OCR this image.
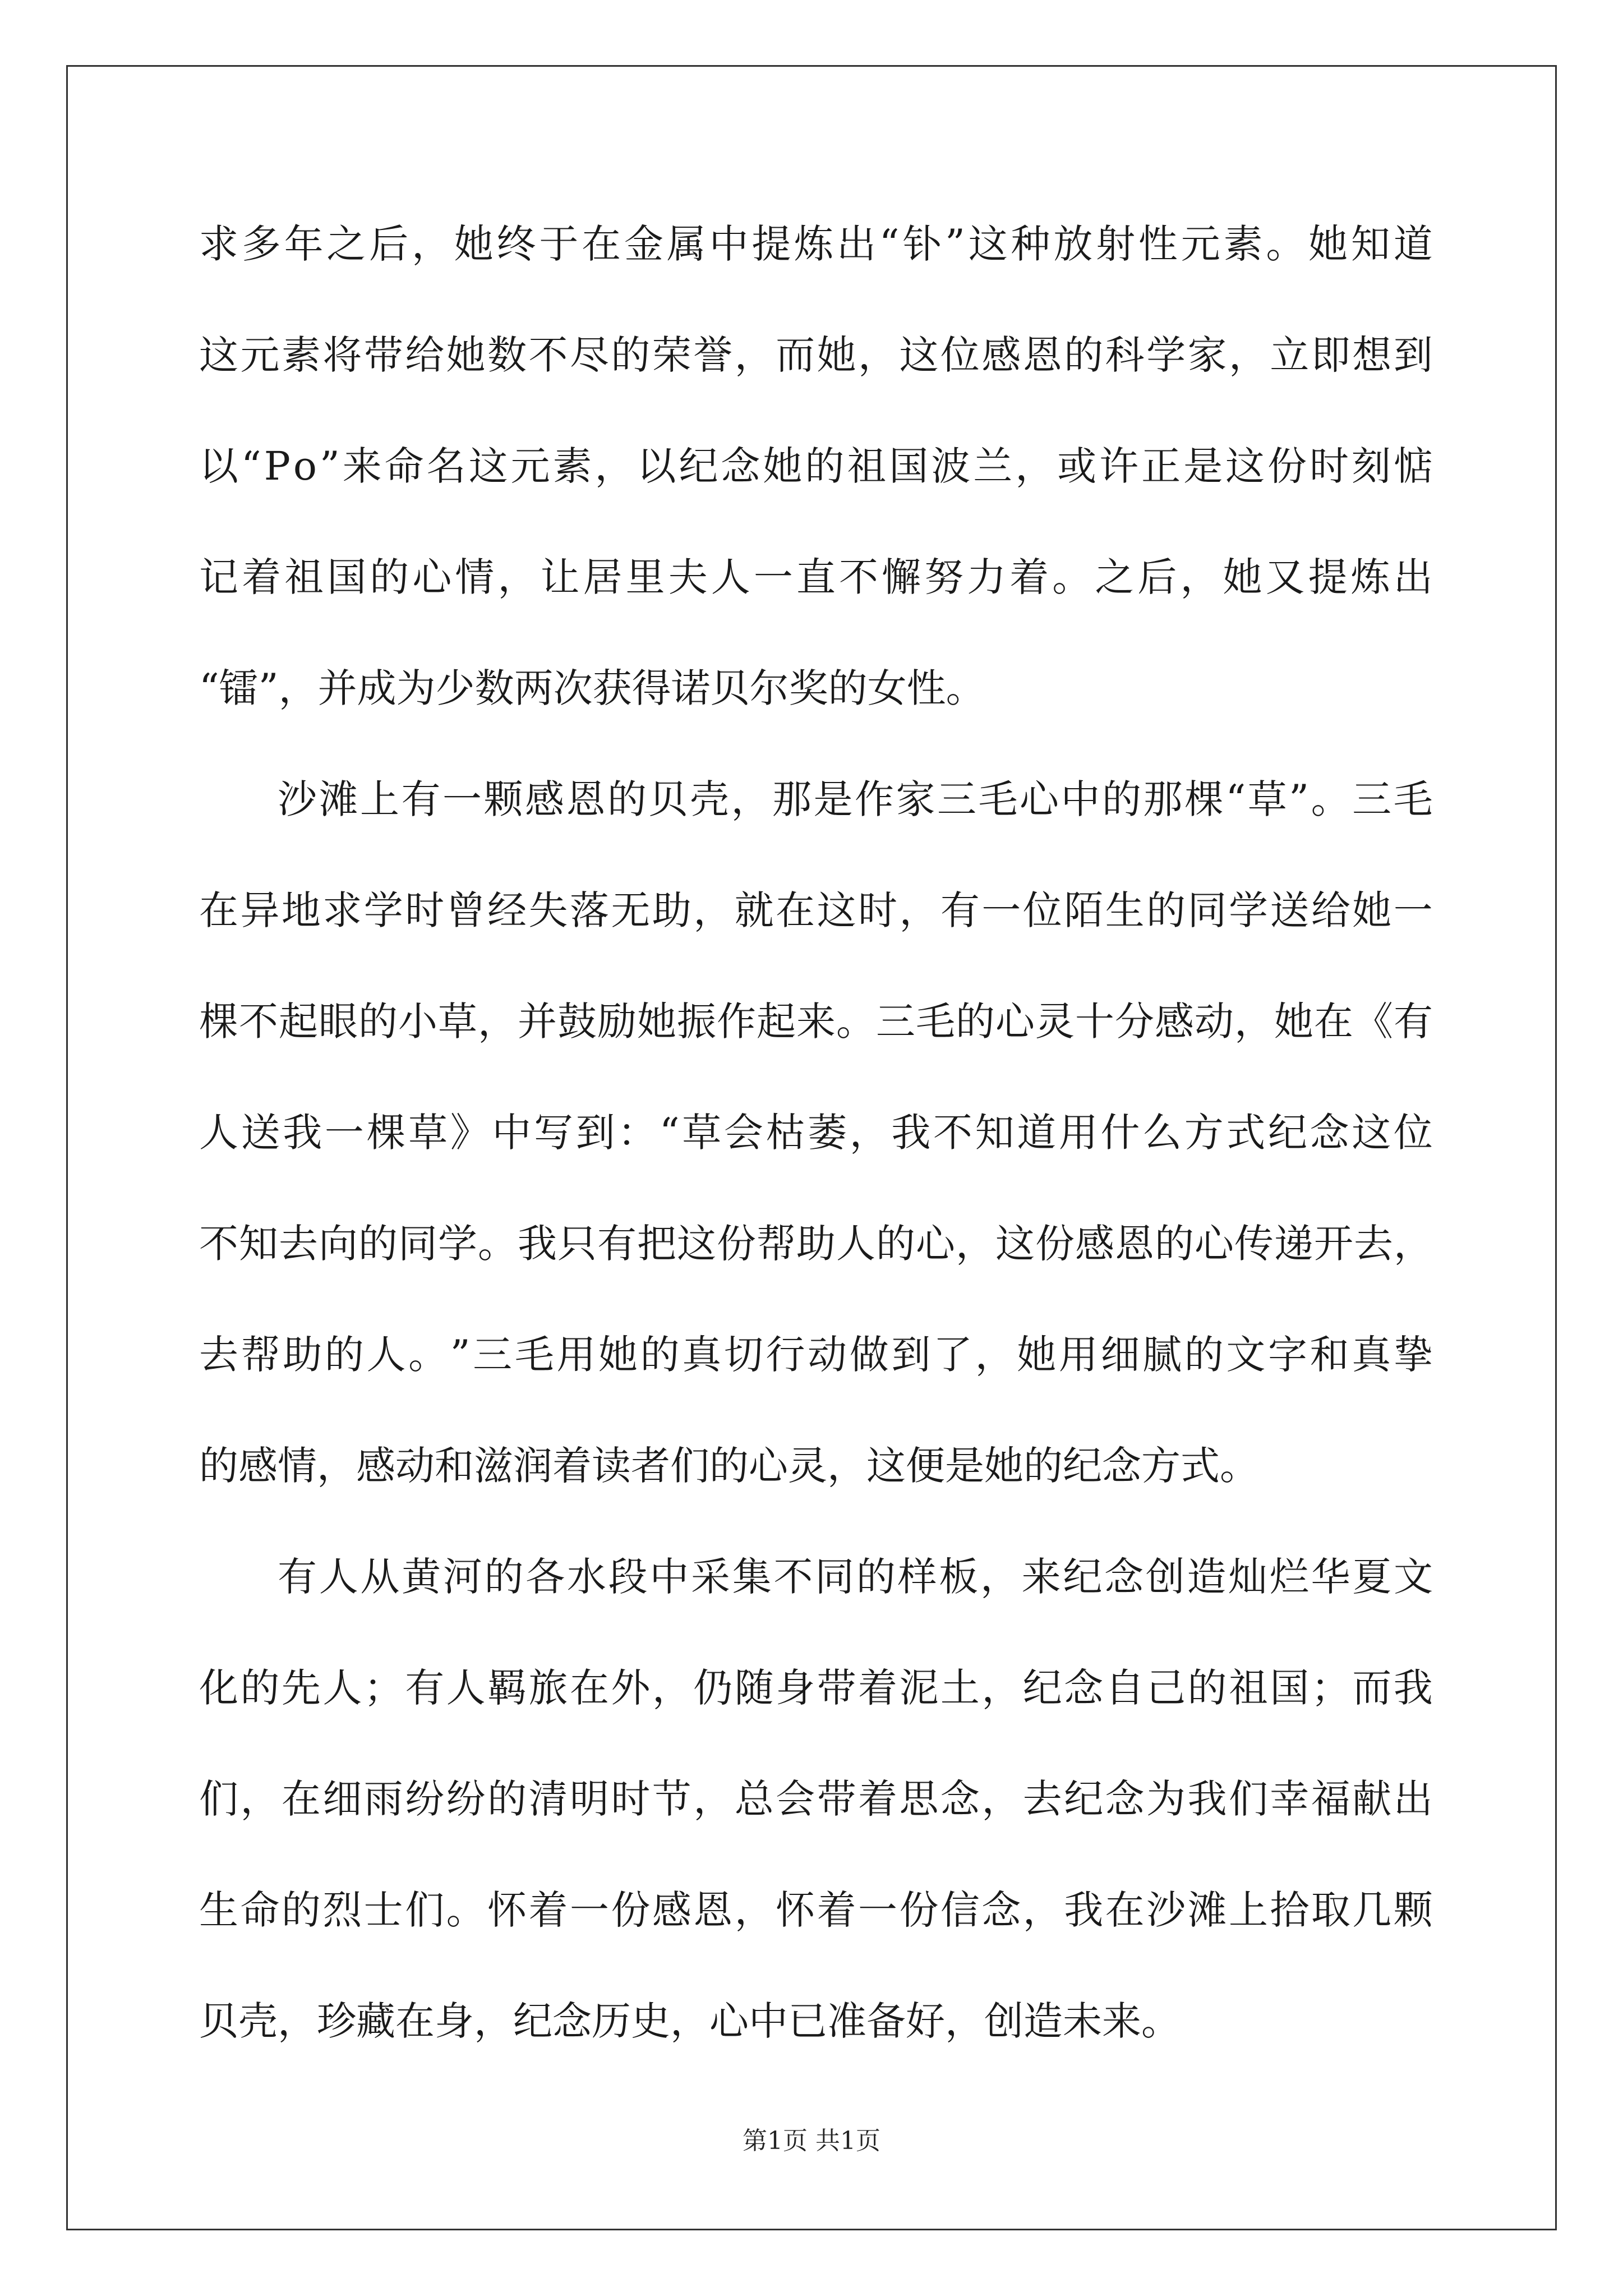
求 多 年 之 后 ， 她 终 于 在 金 属 中 提 炼 出 “ 钋 ” 这 种 放 射 性 元 素 。 她 知 道
这 元 素 将 带 给 她 数 不 尽 的 荣 誉 ， 而 她 ， 这 位 感 恩 的 科 学 家 ， 立 即 想 到
以 “ P o ” 来 命 名 这 元 素 ， 以 纪 念 她 的 祖 国 波 兰 ， 或 许 正 是 这 份 时 刻 惦
记 着 祖 国 的 心 情 ， 让 居 里 夫 人 一 直 不 懈 努 力 着 。 之 后 ， 她 又 提 炼 出
“镭”，并成为少数两次获得诺贝尔奖的女性。
沙 滩 上 有 一 颗 感 恩 的 贝 壳 ， 那 是 作 家 三 毛 心 中 的 那 棵 “ 草 ” 。 三 毛
在 异 地 求 学 时 曾 经 失 落 无 助 ， 就 在 这 时 ， 有 一 位 陌 生 的 同 学 送 给 她 一
棵 不 起 眼 的 小 草 ， 并 鼓 励 她 振 作 起 来 。 三 毛 的 心 灵 十 分 感 动 ， 她 在 《 有
人 送 我 一 棵 草 》 中 写 到 ： “ 草 会 枯 萎 ， 我 不 知 道 用 什 么 方 式 纪 念 这 位
不 知 去 向 的 同 学 。 我 只 有 把 这 份 帮 助 人 的 心 ， 这 份 感 恩 的 心 传 递 开 去 ，
去 帮 助 的 人 。 ” 三 毛 用 她 的 真 切 行 动 做 到 了 ， 她 用 细 腻 的 文 字 和 真 挚
的感情，感动和滋润着读者们的心灵，这便是她的纪念方式。
有 人 从 黄 河 的 各 水 段 中 采 集 不 同 的 样 板 ， 来 纪 念 创 造 灿 烂 华 夏 文
化 的 先 人 ； 有 人 羁 旅 在 外 ， 仍 随 身 带 着 泥 土 ， 纪 念 自 己 的 祖 国 ； 而 我
们 ， 在 细 雨 纷 纷 的 清 明 时 节 ， 总 会 带 着 思 念 ， 去 纪 念 为 我 们 幸 福 献 出
生 命 的 烈 士 们 。 怀 着 一 份 感 恩 ， 怀 着 一 份 信 念 ， 我 在 沙 滩 上 拾 取 几 颗
贝壳，珍藏在身，纪念历史，心中已准备好，创造未来。
第1页 共1页
